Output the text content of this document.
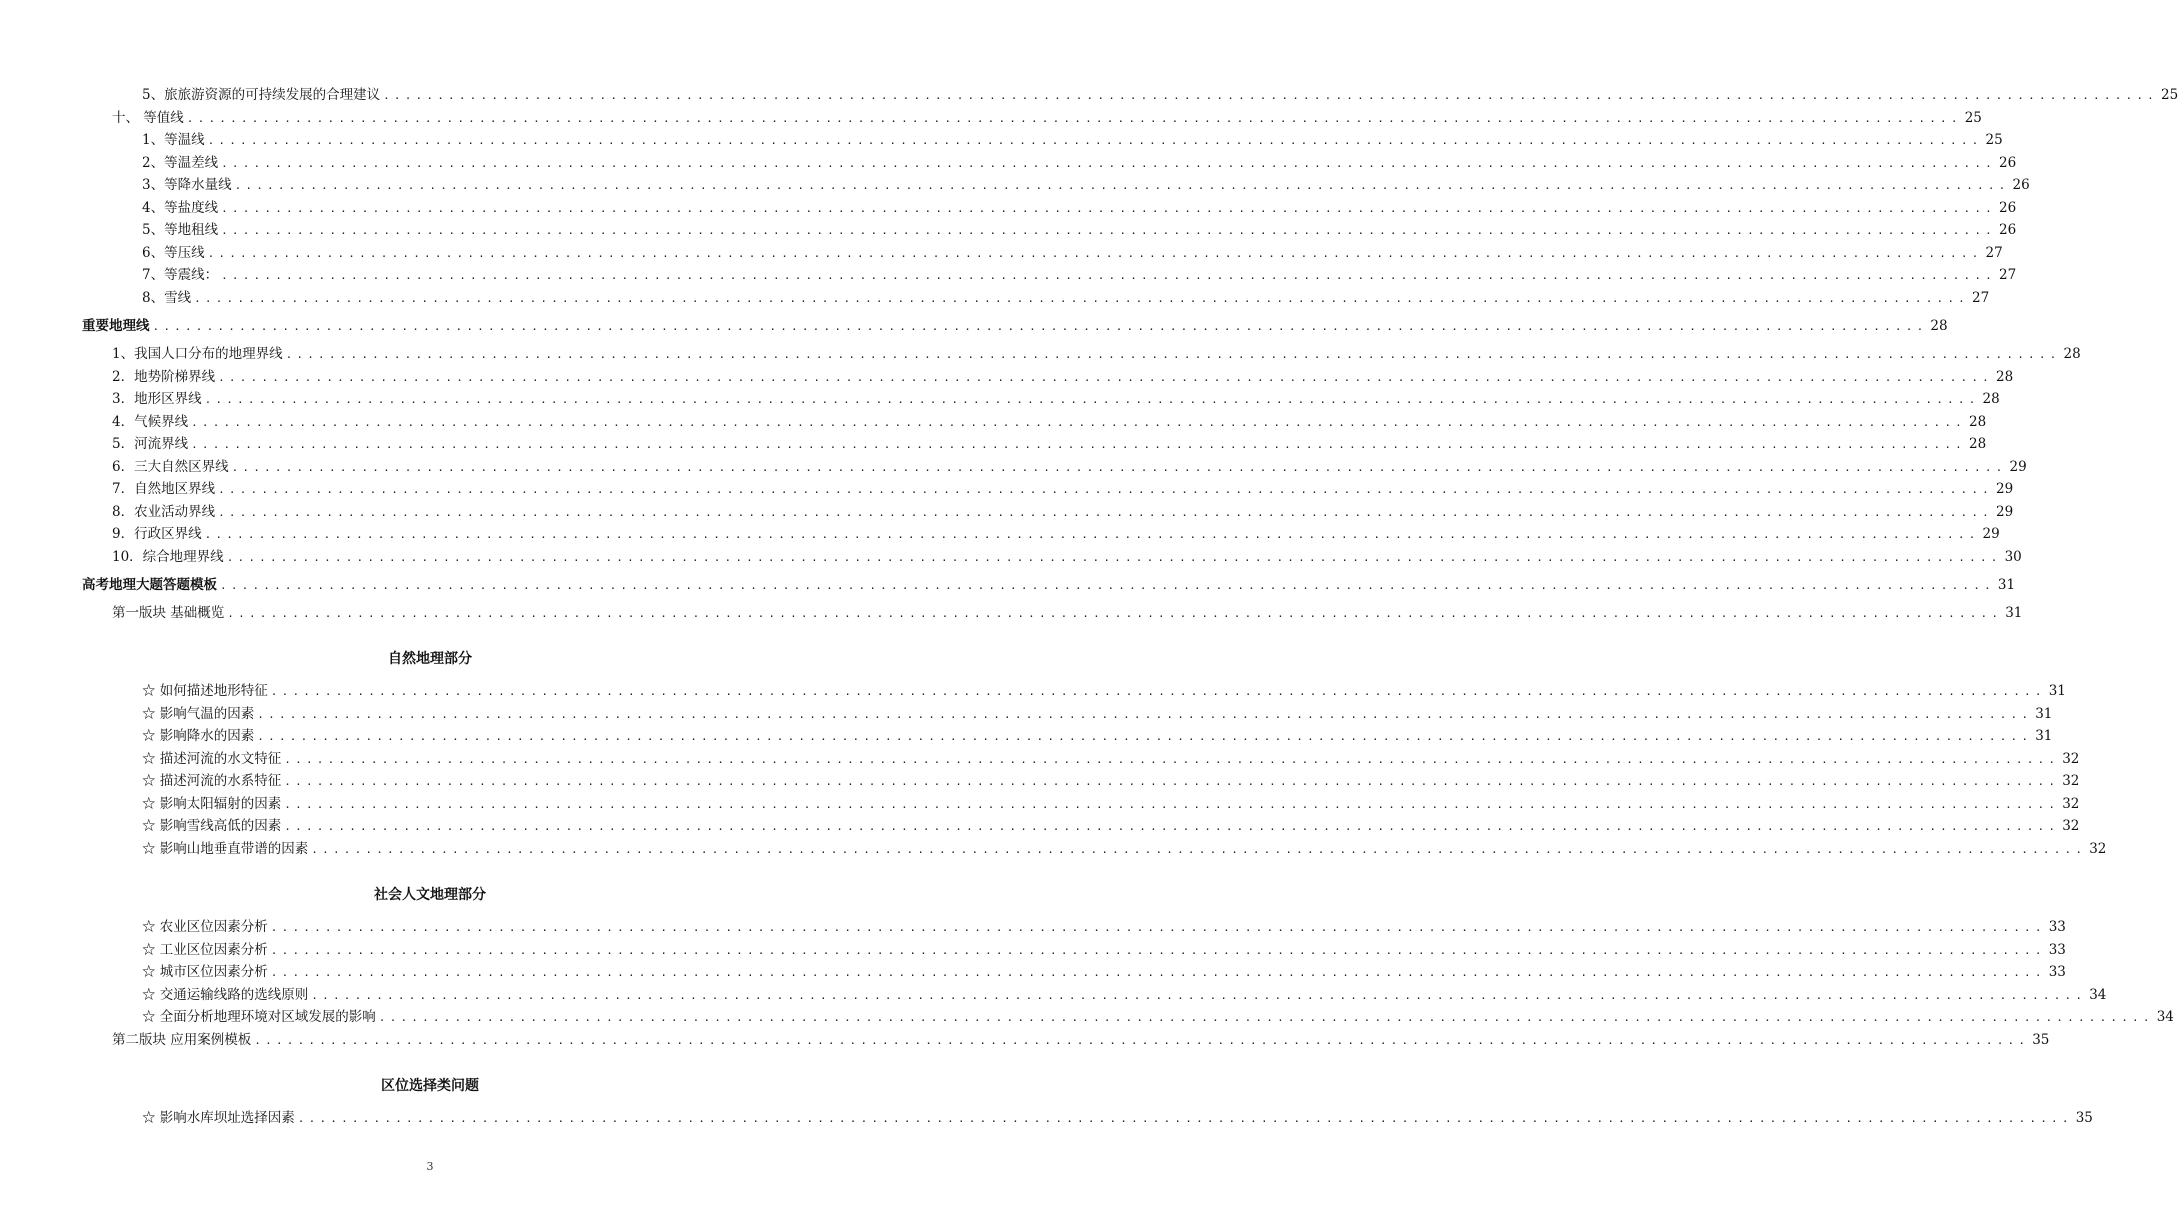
5、旅旅游资源的可持续发展的合理建议 .................................................................................................................................................................... 25
十、 等值线 .................................................................................................................................................................... 25
1、等温线 .................................................................................................................................................................... 25
2、等温差线 .................................................................................................................................................................... 26
3、等降水量线 .................................................................................................................................................................... 26
4、等盐度线 .................................................................................................................................................................... 26
5、等地租线 .................................................................................................................................................................... 26
6、等压线 .................................................................................................................................................................... 27
7、等震线： .................................................................................................................................................................... 27
8、雪线 .................................................................................................................................................................... 27
重要地理线 .................................................................................................................................................................... 28
1、我国人口分布的地理界线 .................................................................................................................................................................... 28
2．地势阶梯界线 .................................................................................................................................................................... 28
3．地形区界线 .................................................................................................................................................................... 28
4．气候界线 .................................................................................................................................................................... 28
5．河流界线 .................................................................................................................................................................... 28
6．三大自然区界线 .................................................................................................................................................................... 29
7．自然地区界线 .................................................................................................................................................................... 29
8．农业活动界线 .................................................................................................................................................................... 29
9．行政区界线 .................................................................................................................................................................... 29
10．综合地理界线 .................................................................................................................................................................... 30
高考地理大题答题模板 .................................................................................................................................................................... 31
第一版块 基础概览 .................................................................................................................................................................... 31
自然地理部分
☆ 如何描述地形特征 .................................................................................................................................................................... 31
☆ 影响气温的因素 .................................................................................................................................................................... 31
☆ 影响降水的因素 .................................................................................................................................................................... 31
☆ 描述河流的水文特征 .................................................................................................................................................................... 32
☆ 描述河流的水系特征 .................................................................................................................................................................... 32
☆ 影响太阳辐射的因素 .................................................................................................................................................................... 32
☆ 影响雪线高低的因素 .................................................................................................................................................................... 32
☆ 影响山地垂直带谱的因素 .................................................................................................................................................................... 32
社会人文地理部分
☆ 农业区位因素分析 .................................................................................................................................................................... 33
☆ 工业区位因素分析 .................................................................................................................................................................... 33
☆ 城市区位因素分析 .................................................................................................................................................................... 33
☆ 交通运输线路的选线原则 .................................................................................................................................................................... 34
☆ 全面分析地理环境对区域发展的影响 .................................................................................................................................................................... 34
第二版块 应用案例模板 .................................................................................................................................................................... 35
区位选择类问题
☆ 影响水库坝址选择因素 .................................................................................................................................................................... 35
3
